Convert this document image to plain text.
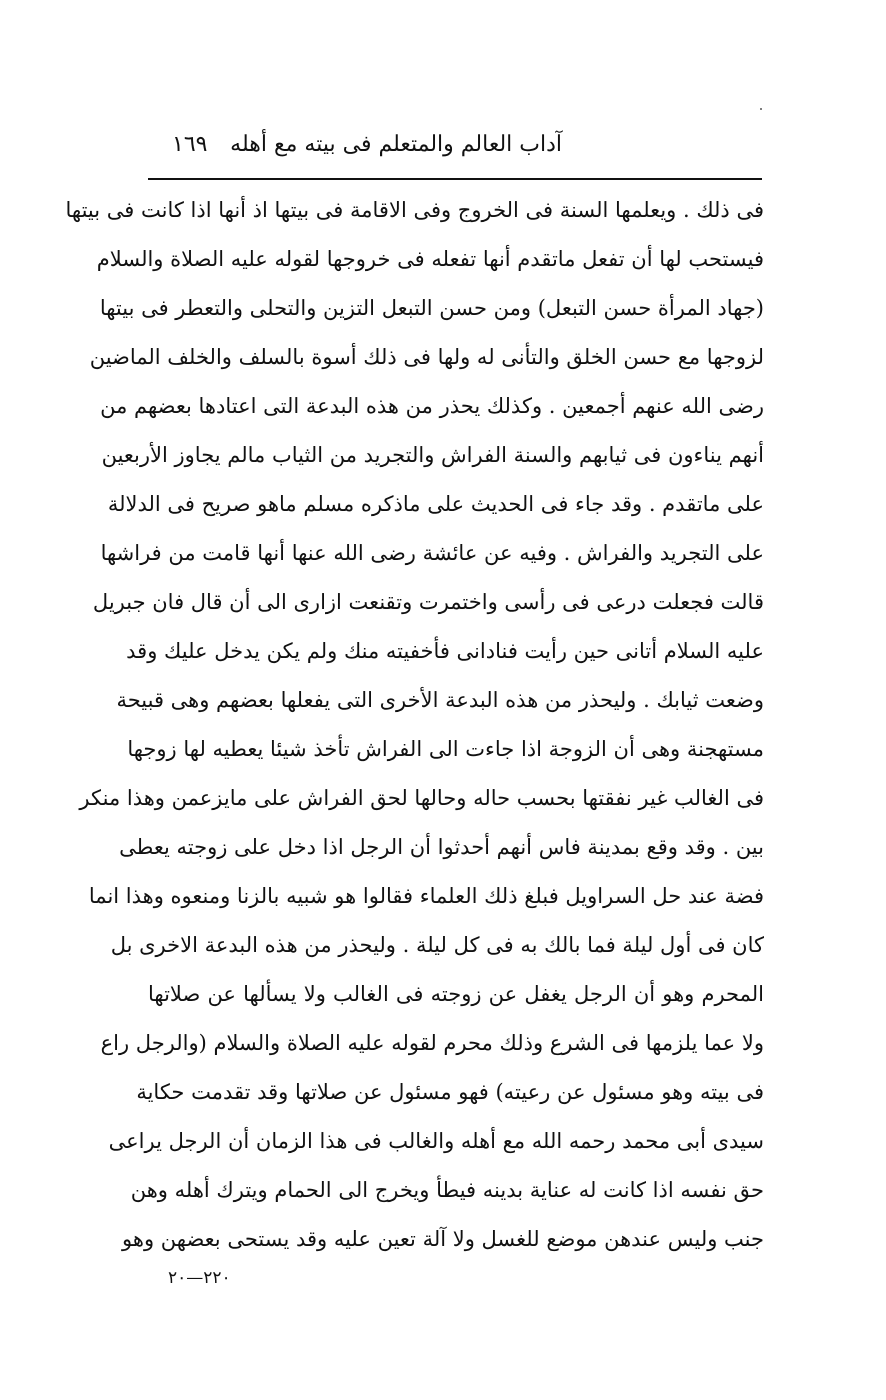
آداب العالم والمتعلم فى بيته مع أهله
١٦٩
فى ذلك . ويعلمها السنة فى الخروج وفى الاقامة فى بيتها اذ أنها اذا كانت فى بيتها
فيستحب لها أن تفعل ماتقدم أنها تفعله فى خروجها لقوله عليه الصلاة والسلام
(جهاد المرأة حسن التبعل) ومن حسن التبعل التزين والتحلى والتعطر فى بيتها
لزوجها مع حسن الخلق والتأنى له ولها فى ذلك أسوة بالسلف والخلف الماضين
رضى الله عنهم أجمعين . وكذلك يحذر من هذه البدعة التى اعتادها بعضهم من
أنهم يناءون فى ثيابهم والسنة الفراش والتجريد من الثياب مالم يجاوز الأربعين
على ماتقدم . وقد جاء فى الحديث على ماذكره مسلم ماهو صريح فى الدلالة
على التجريد والفراش . وفيه عن عائشة رضى الله عنها أنها قامت من فراشها
قالت فجعلت درعى فى رأسى واختمرت وتقنعت ازارى الى أن قال فان جبريل
عليه السلام أتانى حين رأيت فنادانى فأخفيته منك ولم يكن يدخل عليك وقد
وضعت ثيابك . وليحذر من هذه البدعة الأخرى التى يفعلها بعضهم وهى قبيحة
مستهجنة وهى أن الزوجة اذا جاءت الى الفراش تأخذ شيئا يعطيه لها زوجها
فى الغالب غير نفقتها بحسب حاله وحالها لحق الفراش على مايزعمن وهذا منكر
بين . وقد وقع بمدينة فاس أنهم أحدثوا أن الرجل اذا دخل على زوجته يعطى
فضة عند حل السراويل فبلغ ذلك العلماء فقالوا هو شبيه بالزنا ومنعوه وهذا انما
كان فى أول ليلة فما بالك به فى كل ليلة . وليحذر من هذه البدعة الاخرى بل
المحرم وهو أن الرجل يغفل عن زوجته فى الغالب ولا يسألها عن صلاتها
ولا عما يلزمها فى الشرع وذلك محرم لقوله عليه الصلاة والسلام (والرجل راع
فى بيته وهو مسئول عن رعيته) فهو مسئول عن صلاتها وقد تقدمت حكاية
سيدى أبى محمد رحمه الله مع أهله والغالب فى هذا الزمان أن الرجل يراعى
حق نفسه اذا كانت له عناية بدينه فيطأ ويخرج الى الحمام ويترك أهله وهن
جنب وليس عندهن موضع للغسل ولا آلة تعين عليه وقد يستحى بعضهن وهو
٢٢٠—٢٠
